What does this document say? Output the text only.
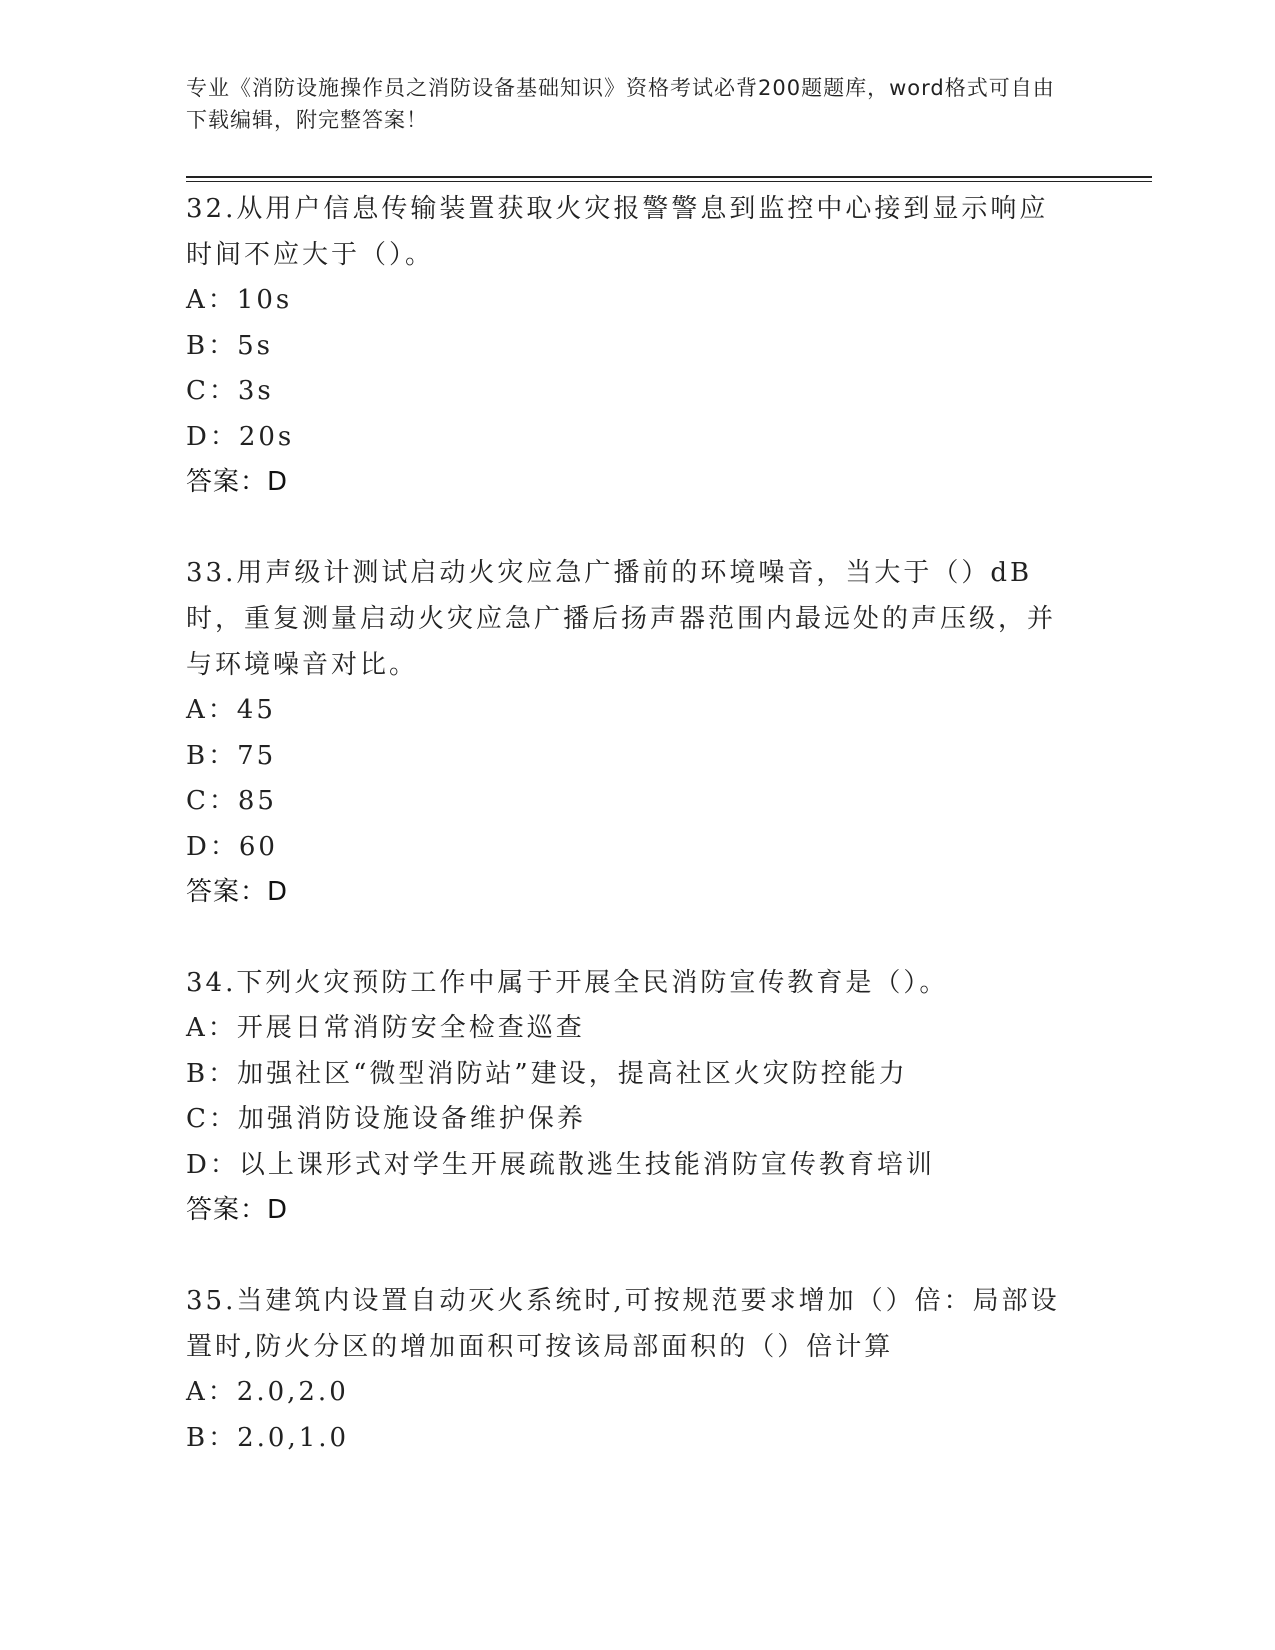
专业《消防设施操作员之消防设备基础知识》资格考试必背200题题库，word格式可自由下载编辑，附完整答案！

32.从用户信息传输装置获取火灾报警警息到监控中心接到显示响应时间不应大于（）。

A：10s

B：5s

C：3s

D：20s

答案：D

33.用声级计测试启动火灾应急广播前的环境噪音，当大于（）dB时，重复测量启动火灾应急广播后扬声器范围内最远处的声压级，并与环境噪音对比。

A：45

B：75

C：85

D：60

答案：D

34.下列火灾预防工作中属于开展全民消防宣传教育是（）。

A：开展日常消防安全检查巡查

B：加强社区“微型消防站”建设，提高社区火灾防控能力

C：加强消防设施设备维护保养

D：以上课形式对学生开展疏散逃生技能消防宣传教育培训

答案：D

35.当建筑内设置自动灭火系统时,可按规范要求增加（）倍：局部设置时,防火分区的增加面积可按该局部面积的（）倍计算

A：2.0,2.0

B：2.0,1.0
